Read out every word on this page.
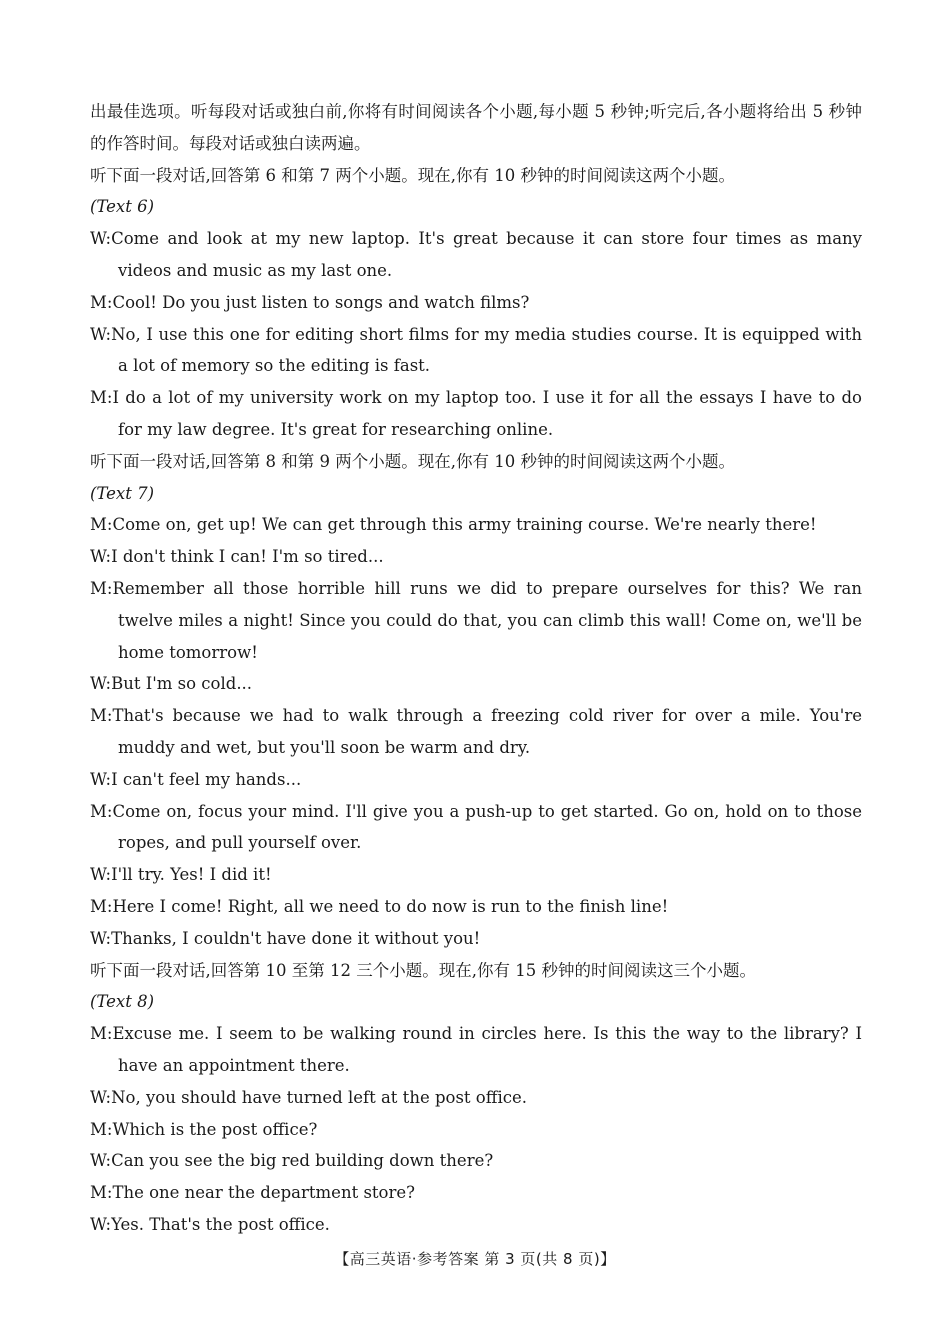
出最佳选项。听每段对话或独白前,你将有时间阅读各个小题,每小题 5 秒钟;听完后,各小题将给出 5 秒钟的作答时间。每段对话或独白读两遍。
听下面一段对话,回答第 6 和第 7 两个小题。现在,你有 10 秒钟的时间阅读这两个小题。
(Text 6)
W:Come and look at my new laptop. It's great because it can store four times as many videos and music as my last one.
M:Cool! Do you just listen to songs and watch films?
W:No, I use this one for editing short films for my media studies course. It is equipped with a lot of memory so the editing is fast.
M:I do a lot of my university work on my laptop too. I use it for all the essays I have to do for my law degree. It's great for researching online.
听下面一段对话,回答第 8 和第 9 两个小题。现在,你有 10 秒钟的时间阅读这两个小题。
(Text 7)
M:Come on, get up! We can get through this army training course. We're nearly there!
W:I don't think I can! I'm so tired...
M:Remember all those horrible hill runs we did to prepare ourselves for this? We ran twelve miles a night! Since you could do that, you can climb this wall! Come on, we'll be home tomorrow!
W:But I'm so cold...
M:That's because we had to walk through a freezing cold river for over a mile. You're muddy and wet, but you'll soon be warm and dry.
W:I can't feel my hands...
M:Come on, focus your mind. I'll give you a push-up to get started. Go on, hold on to those ropes, and pull yourself over.
W:I'll try. Yes! I did it!
M:Here I come! Right, all we need to do now is run to the finish line!
W:Thanks, I couldn't have done it without you!
听下面一段对话,回答第 10 至第 12 三个小题。现在,你有 15 秒钟的时间阅读这三个小题。
(Text 8)
M:Excuse me. I seem to be walking round in circles here. Is this the way to the library? I have an appointment there.
W:No, you should have turned left at the post office.
M:Which is the post office?
W:Can you see the big red building down there?
M:The one near the department store?
W:Yes. That's the post office.
【高三英语·参考答案 第 3 页(共 8 页)】
